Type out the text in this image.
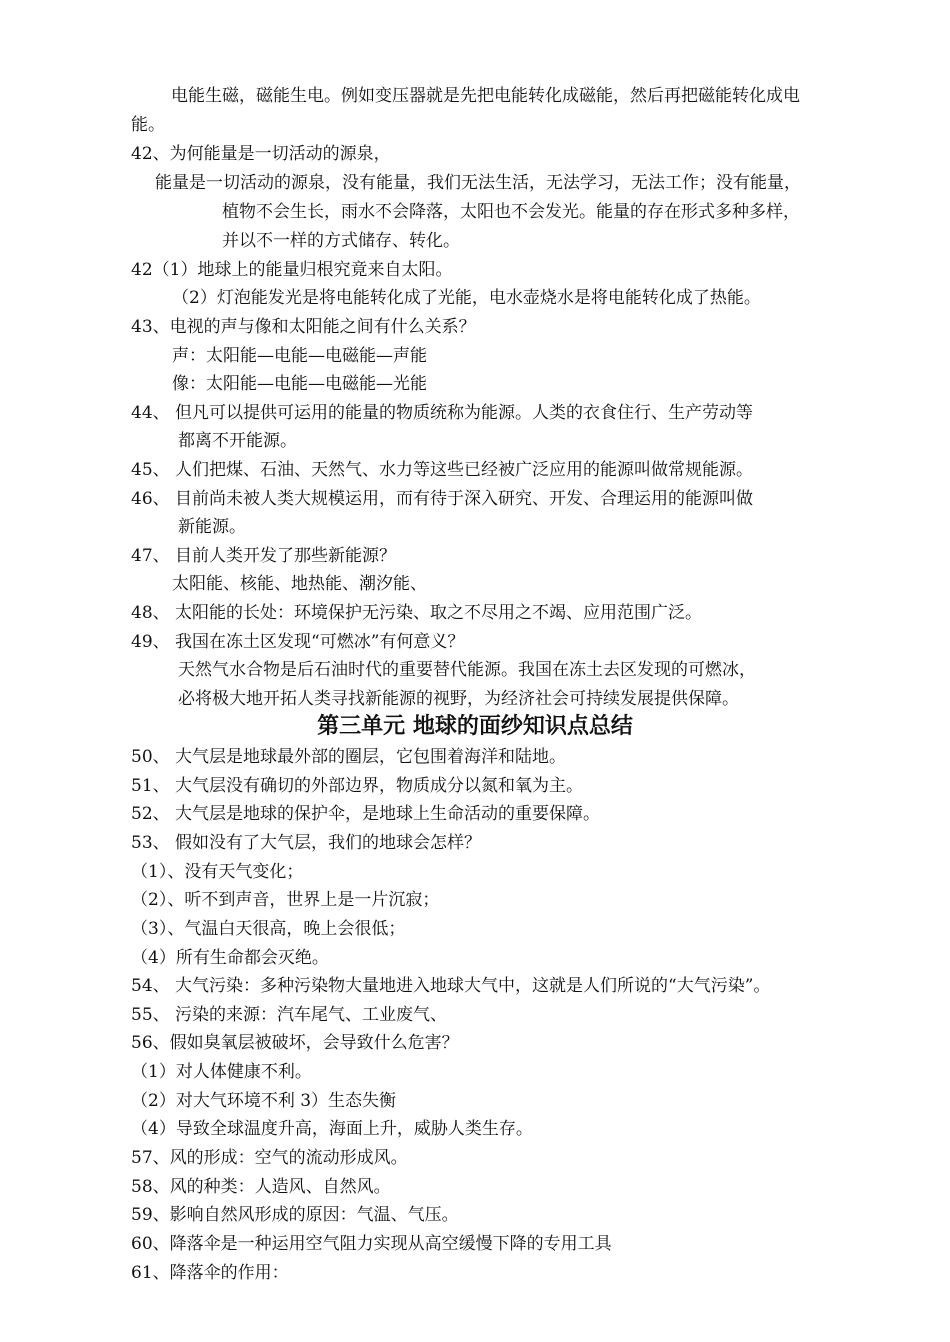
电能生磁，磁能生电。例如变压器就是先把电能转化成磁能，然后再把磁能转化成电
能。
42、为何能量是一切活动的源泉，
能量是一切活动的源泉，没有能量，我们无法生活，无法学习，无法工作；没有能量，
植物不会生长，雨水不会降落，太阳也不会发光。能量的存在形式多种多样，
并以不一样的方式储存、转化。
42（1）地球上的能量归根究竟来自太阳。
（2）灯泡能发光是将电能转化成了光能，电水壶烧水是将电能转化成了热能。
43、电视的声与像和太阳能之间有什么关系？
声：太阳能—电能—电磁能—声能
像：太阳能—电能—电磁能—光能
44、 但凡可以提供可运用的能量的物质统称为能源。人类的衣食住行、生产劳动等
都离不开能源。
45、 人们把煤、石油、天然气、水力等这些已经被广泛应用的能源叫做常规能源。
46、 目前尚未被人类大规模运用，而有待于深入研究、开发、合理运用的能源叫做
新能源。
47、 目前人类开发了那些新能源？
太阳能、核能、地热能、潮汐能、
48、 太阳能的长处：环境保护无污染、取之不尽用之不竭、应用范围广泛。
49、 我国在冻土区发现“可燃冰”有何意义？
天然气水合物是后石油时代的重要替代能源。我国在冻土去区发现的可燃冰，
必将极大地开拓人类寻找新能源的视野，为经济社会可持续发展提供保障。
第三单元 地球的面纱知识点总结
50、 大气层是地球最外部的圈层，它包围着海洋和陆地。
51、 大气层没有确切的外部边界，物质成分以氮和氧为主。
52、 大气层是地球的保护伞，是地球上生命活动的重要保障。
53、 假如没有了大气层，我们的地球会怎样？
（1）、没有天气变化；
（2）、听不到声音，世界上是一片沉寂；
（3）、气温白天很高，晚上会很低；
（4）所有生命都会灭绝。
54、 大气污染：多种污染物大量地进入地球大气中，这就是人们所说的“大气污染”。
55、 污染的来源：汽车尾气、工业废气、
56、假如臭氧层被破坏，会导致什么危害？
（1）对人体健康不利。
（2）对大气环境不利 3）生态失衡
（4）导致全球温度升高，海面上升，威胁人类生存。
57、风的形成：空气的流动形成风。
58、风的种类：人造风、自然风。
59、影响自然风形成的原因：气温、气压。
60、降落伞是一种运用空气阻力实现从高空缓慢下降的专用工具
61、降落伞的作用：
